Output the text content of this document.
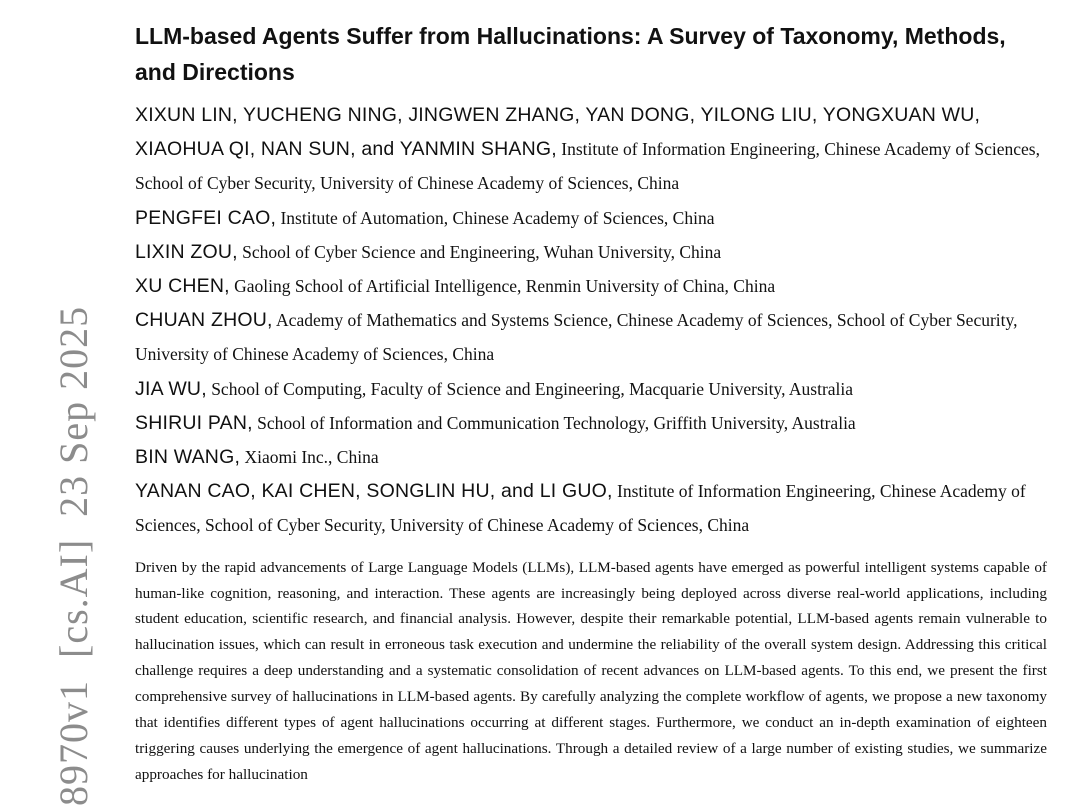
8970v1[cs.AI]23 Sep 2025
LLM-based Agents Suffer from Hallucinations: A Survey of Taxonomy, Methods, and Directions
XIXUN LIN, YUCHENG NING, JINGWEN ZHANG, YAN DONG, YILONG LIU, YONGXUAN WU, XIAOHUA QI, NAN SUN, and YANMIN SHANG, Institute of Information Engineering, Chinese Academy of Sciences, School of Cyber Security, University of Chinese Academy of Sciences, China
PENGFEI CAO, Institute of Automation, Chinese Academy of Sciences, China
LIXIN ZOU, School of Cyber Science and Engineering, Wuhan University, China
XU CHEN, Gaoling School of Artificial Intelligence, Renmin University of China, China
CHUAN ZHOU, Academy of Mathematics and Systems Science, Chinese Academy of Sciences, School of Cyber Security, University of Chinese Academy of Sciences, China
JIA WU, School of Computing, Faculty of Science and Engineering, Macquarie University, Australia
SHIRUI PAN, School of Information and Communication Technology, Griffith University, Australia
BIN WANG, Xiaomi Inc., China
YANAN CAO, KAI CHEN, SONGLIN HU, and LI GUO, Institute of Information Engineering, Chinese Academy of Sciences, School of Cyber Security, University of Chinese Academy of Sciences, China

Driven by the rapid advancements of Large Language Models (LLMs), LLM-based agents have emerged as powerful intelligent systems capable of human-like cognition, reasoning, and interaction. These agents are increasingly being deployed across diverse real-world applications, including student education, scientific research, and financial analysis. However, despite their remarkable potential, LLM-based agents remain vulnerable to hallucination issues, which can result in erroneous task execution and undermine the reliability of the overall system design. Addressing this critical challenge requires a deep understanding and a systematic consolidation of recent advances on LLM-based agents. To this end, we present the first comprehensive survey of hallucinations in LLM-based agents. By carefully analyzing the complete workflow of agents, we propose a new taxonomy that identifies different types of agent hallucinations occurring at different stages. Furthermore, we conduct an in-depth examination of eighteen triggering causes underlying the emergence of agent hallucinations. Through a detailed review of a large number of existing studies, we summarize approaches for hallucination
